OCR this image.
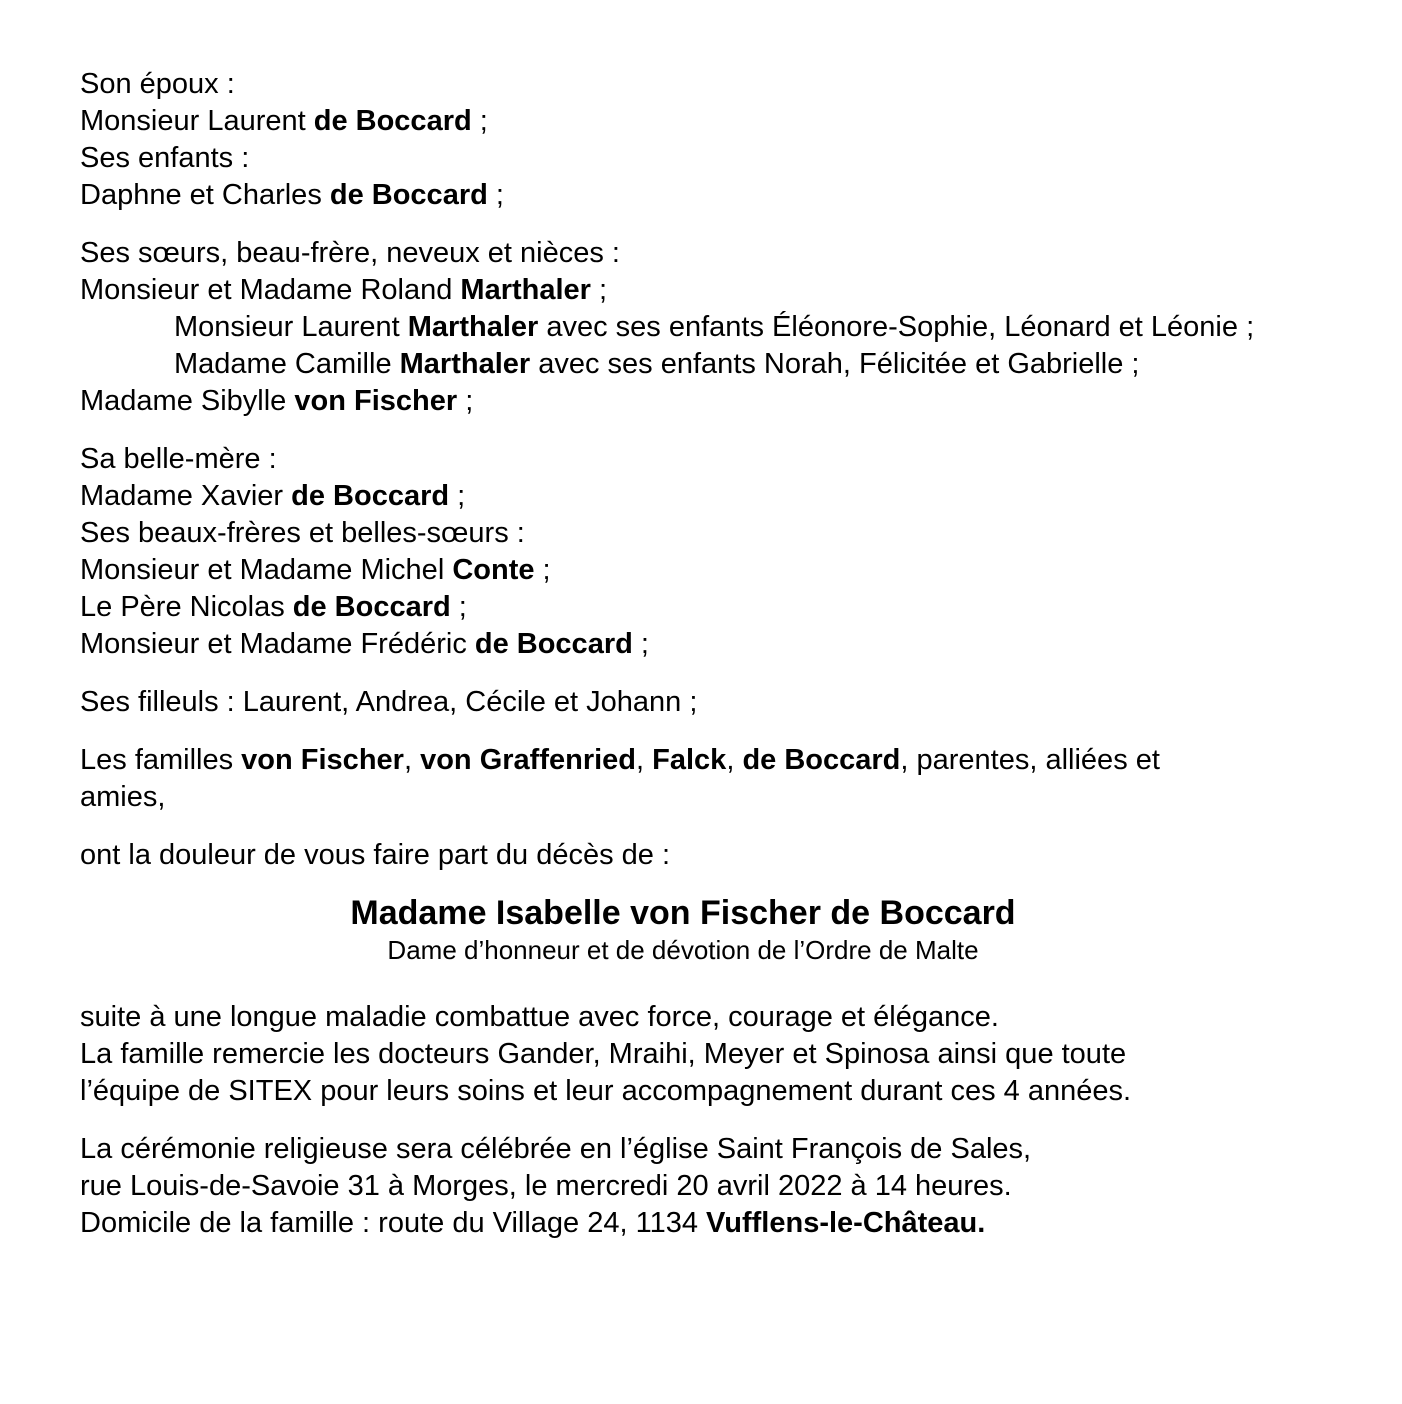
Son époux :
Monsieur Laurent de Boccard ;
Ses enfants :
Daphne et Charles de Boccard ;
Ses sœurs, beau-frère, neveux et nièces :
Monsieur et Madame Roland Marthaler ;
Monsieur Laurent Marthaler avec ses enfants Éléonore-Sophie, Léonard et Léonie ;
Madame Camille Marthaler avec ses enfants Norah, Félicitée et Gabrielle ;
Madame Sibylle von Fischer ;
Sa belle-mère :
Madame Xavier de Boccard ;
Ses beaux-frères et belles-sœurs :
Monsieur et Madame Michel Conte ;
Le Père Nicolas de Boccard ;
Monsieur et Madame Frédéric de Boccard ;
Ses filleuls : Laurent, Andrea, Cécile et Johann ;
Les familles von Fischer, von Graffenried, Falck, de Boccard, parentes, alliées et
amies,
ont la douleur de vous faire part du décès de :
Madame Isabelle von Fischer de Boccard
Dame d’honneur et de dévotion de l’Ordre de Malte
suite à une longue maladie combattue avec force, courage et élégance.
La famille remercie les docteurs Gander, Mraihi, Meyer et Spinosa ainsi que toute
l’équipe de SITEX pour leurs soins et leur accompagnement durant ces 4 années.
La cérémonie religieuse sera célébrée en l’église Saint François de Sales,
rue Louis-de-Savoie 31 à Morges, le mercredi 20 avril 2022 à 14 heures.
Domicile de la famille : route du Village 24, 1134 Vufflens-le-Château.
